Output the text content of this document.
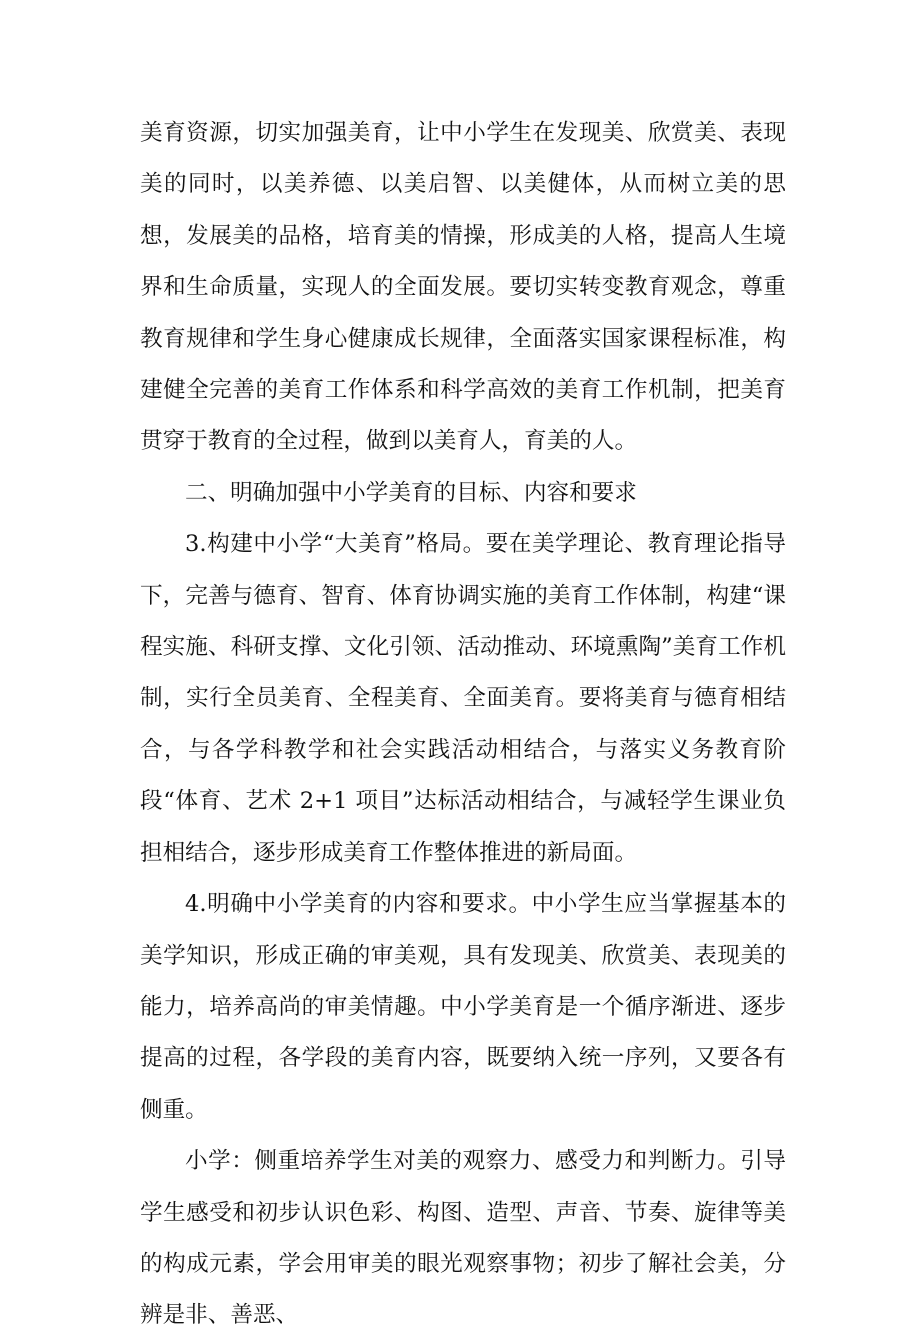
美育资源，切实加强美育，让中小学生在发现美、欣赏美、表现美的同时，以美养德、以美启智、以美健体，从而树立美的思想，发展美的品格，培育美的情操，形成美的人格，提高人生境界和生命质量，实现人的全面发展。要切实转变教育观念，尊重教育规律和学生身心健康成长规律，全面落实国家课程标准，构建健全完善的美育工作体系和科学高效的美育工作机制，把美育贯穿于教育的全过程，做到以美育人，育美的人。

二、明确加强中小学美育的目标、内容和要求

3.构建中小学“大美育”格局。要在美学理论、教育理论指导下，完善与德育、智育、体育协调实施的美育工作体制，构建“课程实施、科研支撑、文化引领、活动推动、环境熏陶”美育工作机制，实行全员美育、全程美育、全面美育。要将美育与德育相结合，与各学科教学和社会实践活动相结合，与落实义务教育阶段“体育、艺术 2+1 项目”达标活动相结合，与减轻学生课业负担相结合，逐步形成美育工作整体推进的新局面。

4.明确中小学美育的内容和要求。中小学生应当掌握基本的美学知识，形成正确的审美观，具有发现美、欣赏美、表现美的能力，培养高尚的审美情趣。中小学美育是一个循序渐进、逐步提高的过程，各学段的美育内容，既要纳入统一序列，又要各有侧重。

小学：侧重培养学生对美的观察力、感受力和判断力。引导学生感受和初步认识色彩、构图、造型、声音、节奏、旋律等美的构成元素，学会用审美的眼光观察事物；初步了解社会美，分辨是非、善恶、
